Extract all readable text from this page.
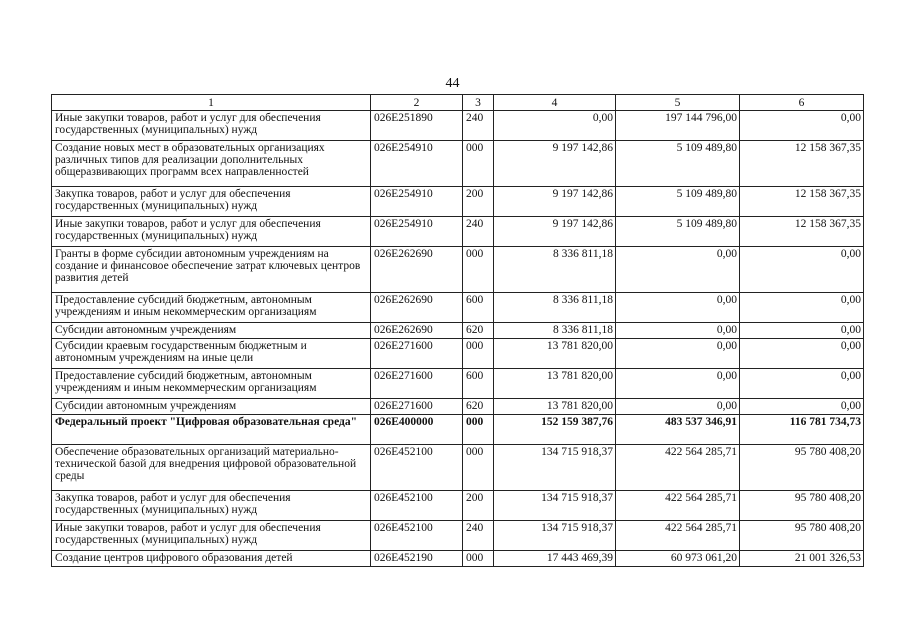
44
1	2	3	4	5	6
Иные закупки товаров, работ и услуг для обеспечения государственных (муниципальных) нужд	026E251890	240	0,00	197 144 796,00	0,00
Создание новых мест в образовательных организациях различных типов для реализации дополнительных общеразвивающих программ всех направленностей	026E254910	000	9 197 142,86	5 109 489,80	12 158 367,35
Закупка товаров, работ и услуг для обеспечения государственных (муниципальных) нужд	026E254910	200	9 197 142,86	5 109 489,80	12 158 367,35
Иные закупки товаров, работ и услуг для обеспечения государственных (муниципальных) нужд	026E254910	240	9 197 142,86	5 109 489,80	12 158 367,35
Гранты в форме субсидии автономным учреждениям на создание и финансовое обеспечение затрат ключевых центров развития детей	026E262690	000	8 336 811,18	0,00	0,00
Предоставление субсидий бюджетным, автономным учреждениям и иным некоммерческим организациям	026E262690	600	8 336 811,18	0,00	0,00
Субсидии автономным учреждениям	026E262690	620	8 336 811,18	0,00	0,00
Субсидии краевым государственным бюджетным и автономным учреждениям на иные цели	026E271600	000	13 781 820,00	0,00	0,00
Предоставление субсидий бюджетным, автономным учреждениям и иным некоммерческим организациям	026E271600	600	13 781 820,00	0,00	0,00
Субсидии автономным учреждениям	026E271600	620	13 781 820,00	0,00	0,00
Федеральный проект "Цифровая образовательная среда"	026E400000	000	152 159 387,76	483 537 346,91	116 781 734,73
Обеспечение образовательных организаций материально-технической базой для внедрения цифровой образовательной среды	026E452100	000	134 715 918,37	422 564 285,71	95 780 408,20
Закупка товаров, работ и услуг для обеспечения государственных (муниципальных) нужд	026E452100	200	134 715 918,37	422 564 285,71	95 780 408,20
Иные закупки товаров, работ и услуг для обеспечения государственных (муниципальных) нужд	026E452100	240	134 715 918,37	422 564 285,71	95 780 408,20
Создание центров цифрового образования детей	026E452190	000	17 443 469,39	60 973 061,20	21 001 326,53
